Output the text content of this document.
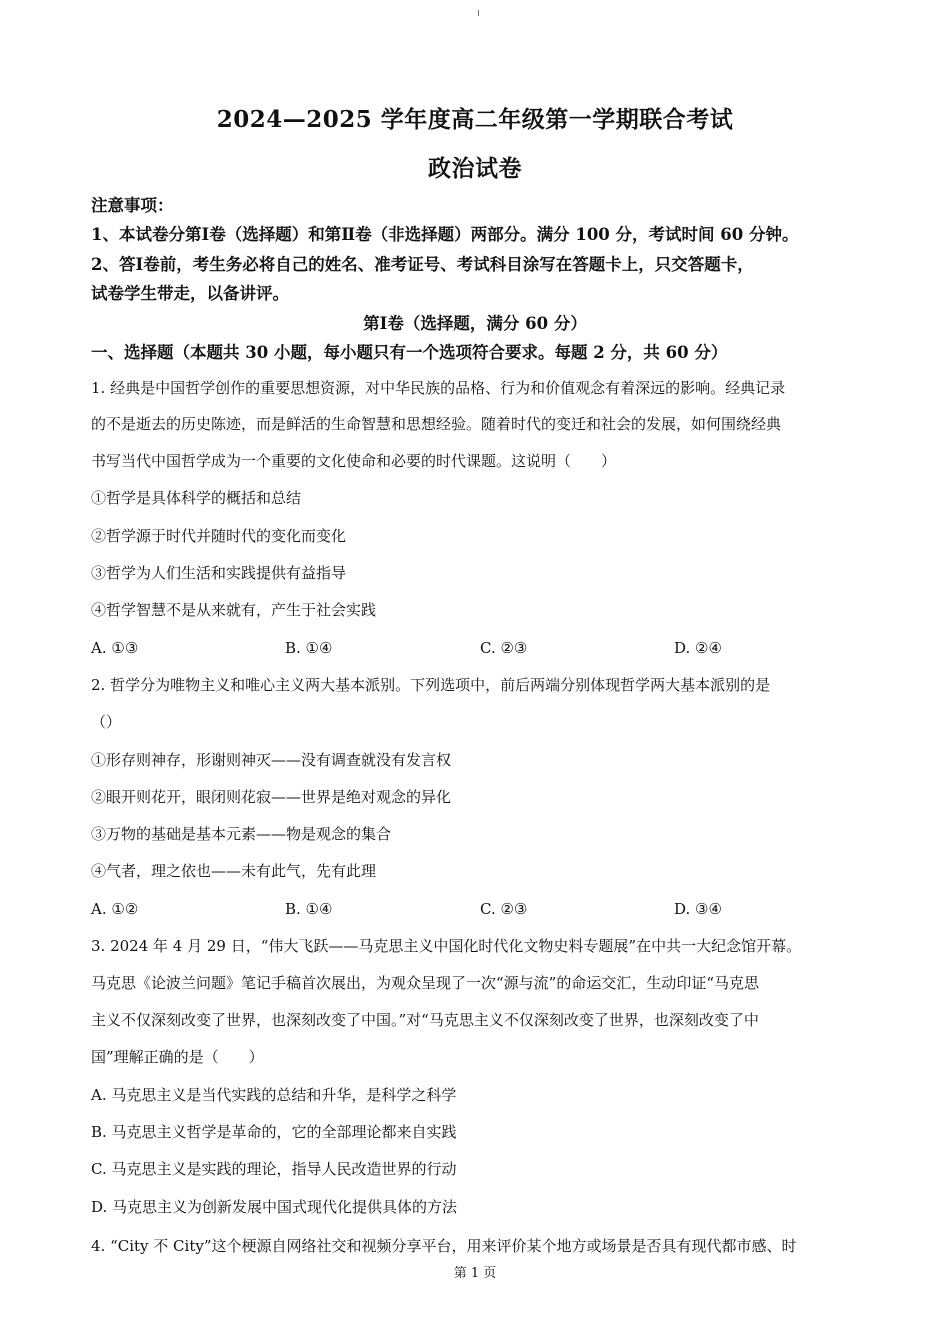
2024—2025 学年度高二年级第一学期联合考试
政治试卷
注意事项：
1、本试卷分第Ⅰ卷（选择题）和第Ⅱ卷（非选择题）两部分。满分 100 分，考试时间 60 分钟。
2、答Ⅰ卷前，考生务必将自己的姓名、准考证号、考试科目涂写在答题卡上，只交答题卡，
试卷学生带走，以备讲评。
第Ⅰ卷（选择题，满分 60 分）
一、选择题（本题共 30 小题，每小题只有一个选项符合要求。每题 2 分，共 60 分）
1. 经典是中国哲学创作的重要思想资源，对中华民族的品格、行为和价值观念有着深远的影响。经典记录
的不是逝去的历史陈迹，而是鲜活的生命智慧和思想经验。随着时代的变迁和社会的发展，如何围绕经典
书写当代中国哲学成为一个重要的文化使命和必要的时代课题。这说明（　　）
①哲学是具体科学的概括和总结
②哲学源于时代并随时代的变化而变化
③哲学为人们生活和实践提供有益指导
④哲学智慧不是从来就有，产生于社会实践
A. ①③	B. ①④	C. ②③	D. ②④
2. 哲学分为唯物主义和唯心主义两大基本派别。下列选项中，前后两端分别体现哲学两大基本派别的是
（）
①形存则神存，形谢则神灭——没有调查就没有发言权
②眼开则花开，眼闭则花寂——世界是绝对观念的异化
③万物的基础是基本元素——物是观念的集合
④气者，理之依也——未有此气，先有此理
A. ①②	B. ①④	C. ②③	D. ③④
3. 2024 年 4 月 29 日，“伟大飞跃——马克思主义中国化时代化文物史料专题展”在中共一大纪念馆开幕。
马克思《论波兰问题》笔记手稿首次展出，为观众呈现了一次“源与流”的命运交汇，生动印证“马克思
主义不仅深刻改变了世界，也深刻改变了中国。”对“马克思主义不仅深刻改变了世界，也深刻改变了中
国”理解正确的是（　　）
A. 马克思主义是当代实践的总结和升华，是科学之科学
B. 马克思主义哲学是革命的，它的全部理论都来自实践
C. 马克思主义是实践的理论，指导人民改造世界的行动
D. 马克思主义为创新发展中国式现代化提供具体的方法
4. “City 不 City”这个梗源自网络社交和视频分享平台，用来评价某个地方或场景是否具有现代都市感、时
第 1 页
